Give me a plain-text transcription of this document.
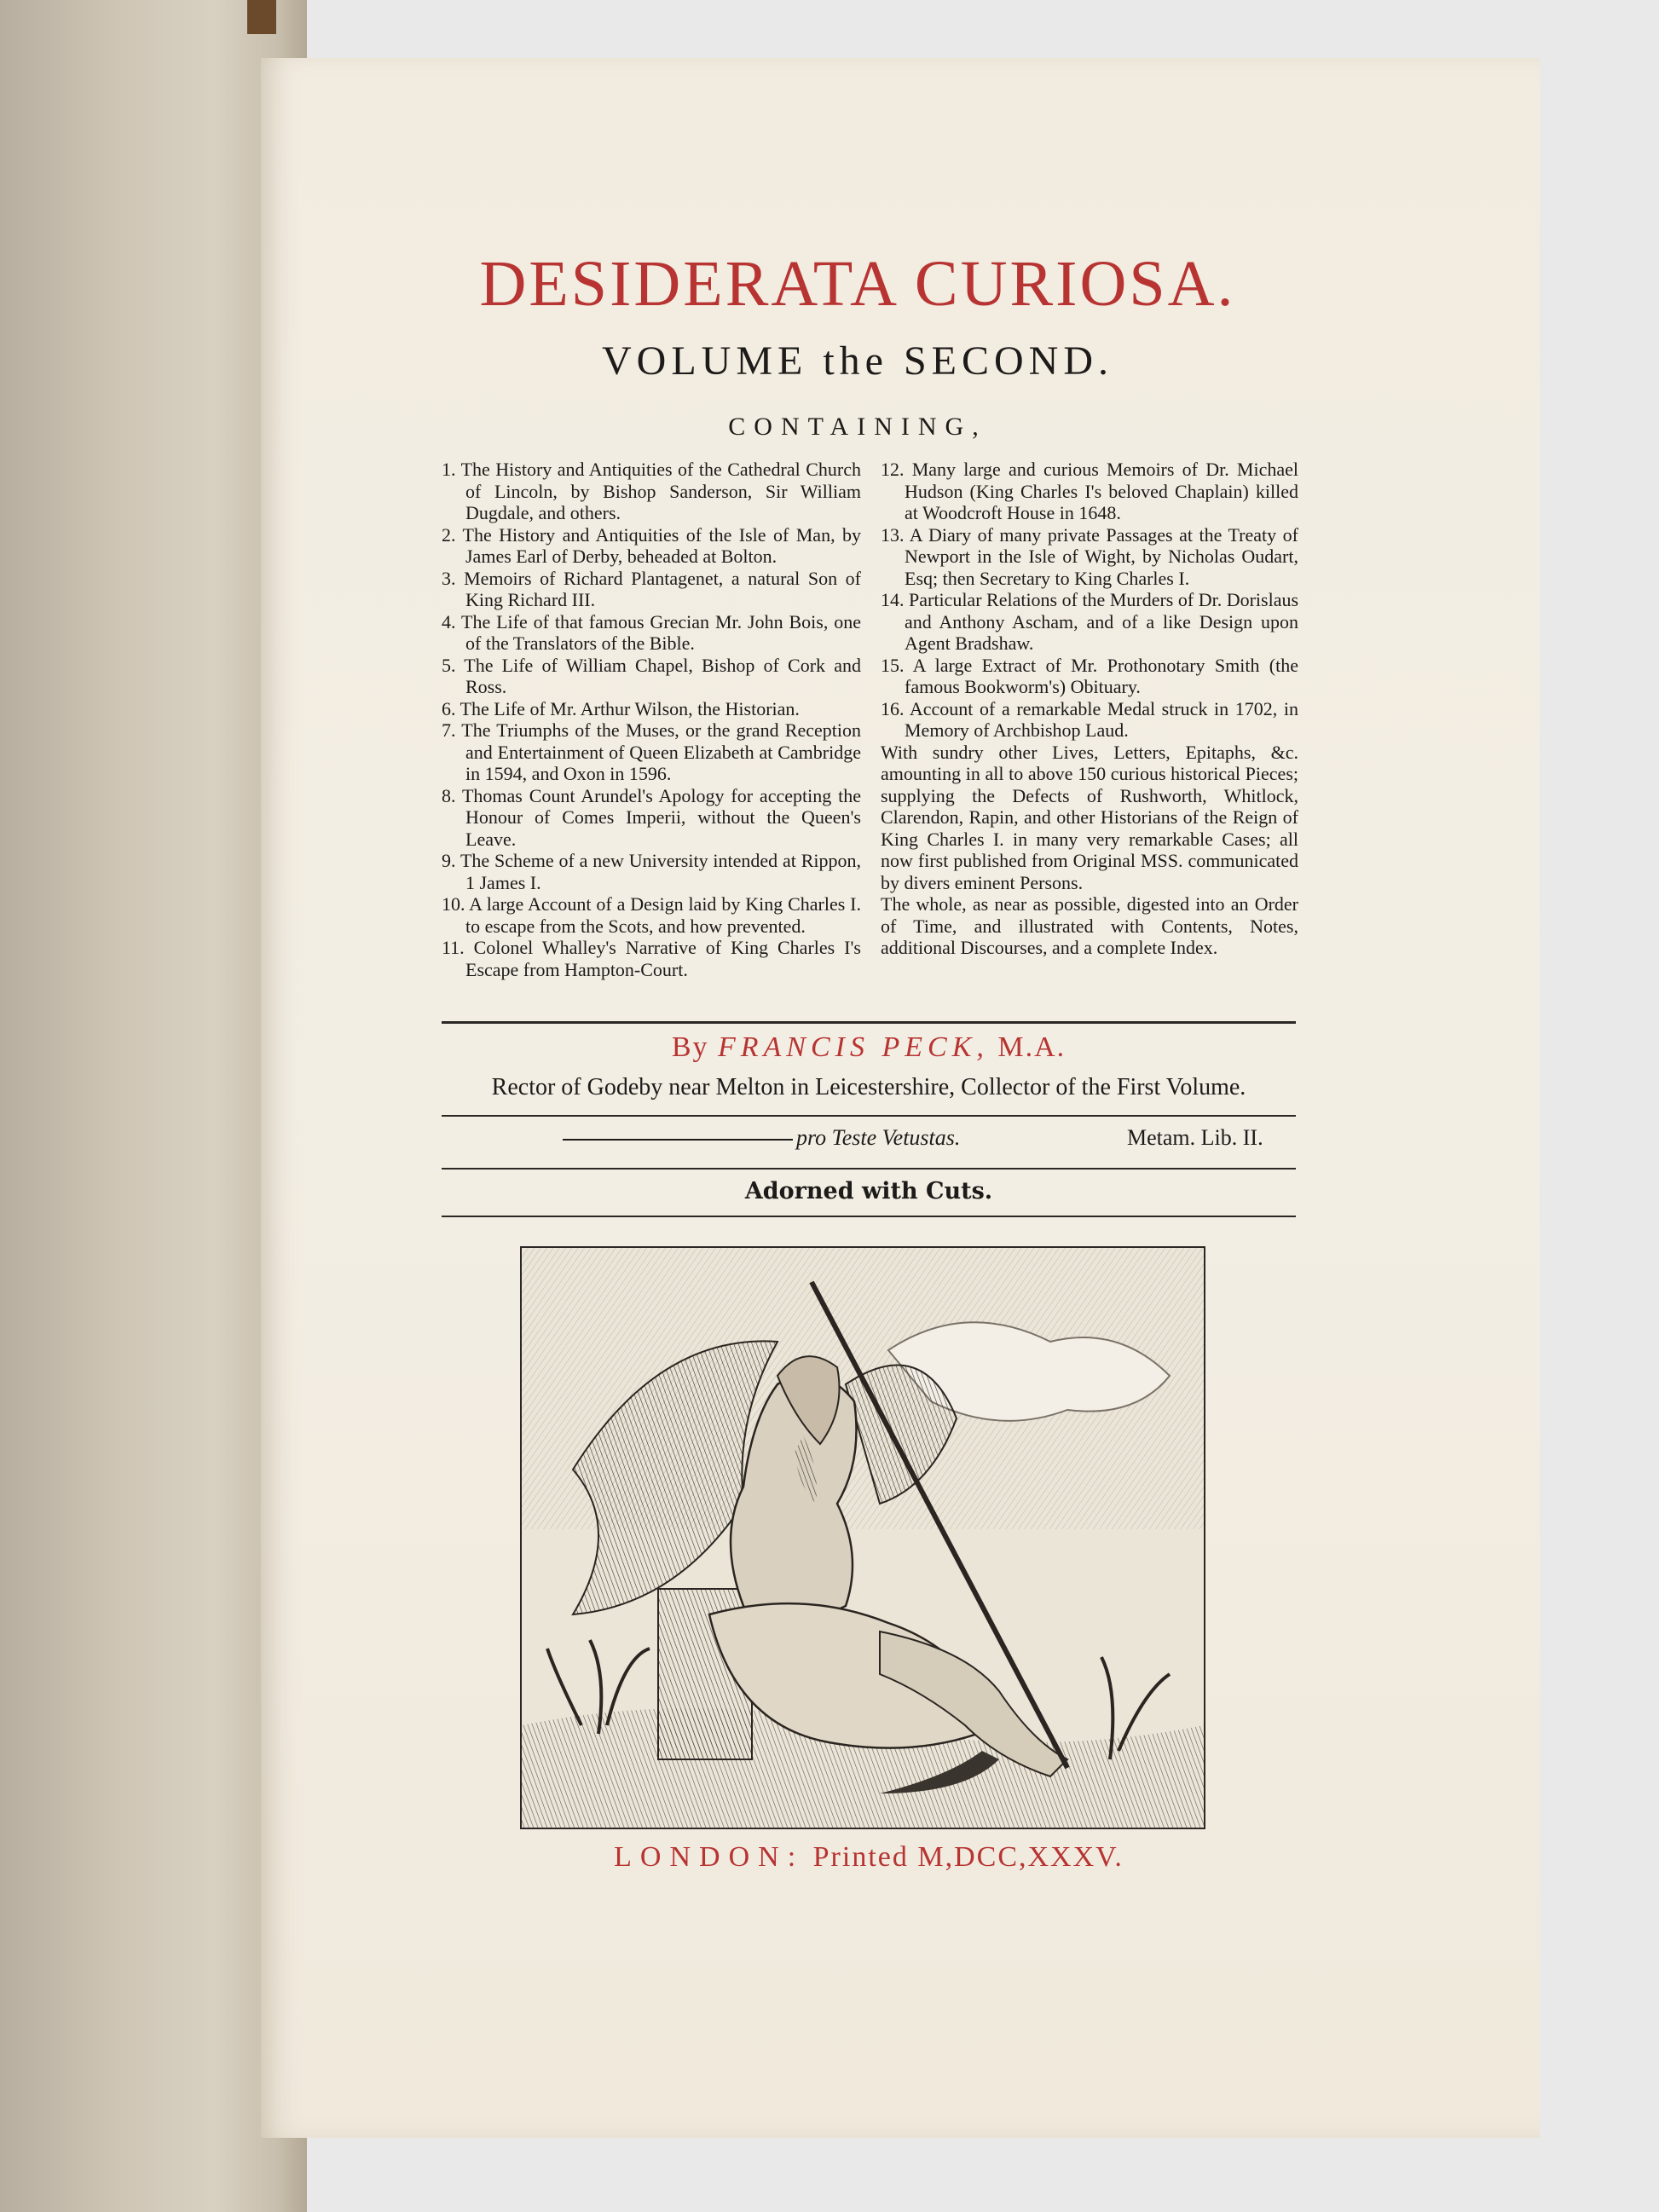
DESIDERATA CURIOSA.
VOLUME the SECOND.
CONTAINING,
1. The History and Antiquities of the Cathedral Church of Lincoln, by Bishop Sanderson, Sir William Dugdale, and others.
2. The History and Antiquities of the Isle of Man, by James Earl of Derby, beheaded at Bolton.
3. Memoirs of Richard Plantagenet, a natural Son of King Richard III.
4. The Life of that famous Grecian Mr. John Bois, one of the Translators of the Bible.
5. The Life of William Chapel, Bishop of Cork and Ross.
6. The Life of Mr. Arthur Wilson, the Historian.
7. The Triumphs of the Muses, or the grand Reception and Entertainment of Queen Elizabeth at Cambridge in 1594, and Oxon in 1596.
8. Thomas Count Arundel's Apology for accepting the Honour of Comes Imperii, without the Queen's Leave.
9. The Scheme of a new University intended at Rippon, 1 James I.
10. A large Account of a Design laid by King Charles I. to escape from the Scots, and how prevented.
11. Colonel Whalley's Narrative of King Charles I's Escape from Hampton-Court.
12. Many large and curious Memoirs of Dr. Michael Hudson (King Charles I's beloved Chaplain) killed at Woodcroft House in 1648.
13. A Diary of many private Passages at the Treaty of Newport in the Isle of Wight, by Nicholas Oudart, Esq; then Secretary to King Charles I.
14. Particular Relations of the Murders of Dr. Dorislaus and Anthony Ascham, and of a like Design upon Agent Bradshaw.
15. A large Extract of Mr. Prothonotary Smith (the famous Bookworm's) Obituary.
16. Account of a remarkable Medal struck in 1702, in Memory of Archbishop Laud.
With sundry other Lives, Letters, Epitaphs, &c. amounting in all to above 150 curious historical Pieces; supplying the Defects of Rushworth, Whitlock, Clarendon, Rapin, and other Historians of the Reign of King Charles I. in many very remarkable Cases; all now first published from Original MSS. communicated by divers eminent Persons.
The whole, as near as possible, digested into an Order of Time, and illustrated with Contents, Notes, additional Discourses, and a complete Index.
By FRANCIS PECK, M.A.
Rector of Godeby near Melton in Leicestershire, Collector of the First Volume.
pro Teste Vetustas.	Metam. Lib. II.
Adorned with Cuts.
LONDON: Printed M,DCC,XXXV.
